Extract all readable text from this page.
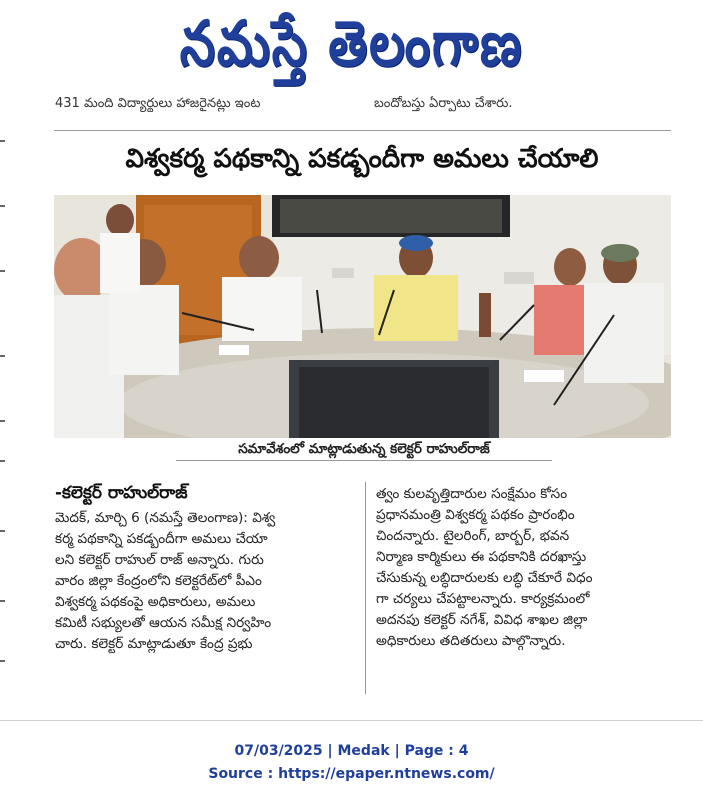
నమస్తే తెలంగాణ
431 మంది విద్యార్థులు హాజరైనట్లు ఇంట	బందోబస్తు ఏర్పాటు చేశారు.
విశ్వకర్మ పథకాన్ని పకడ్బందీగా అమలు చేయాలి
సమావేశంలో మాట్లాడుతున్న కలెక్టర్ రాహుల్‌రాజ్
-కలెక్టర్ రాహుల్‌రాజ్
మెదక్, మార్చి 6 (నమస్తే తెలంగాణ): విశ్వ
కర్మ పథకాన్ని పకడ్బందీగా అమలు చేయా
లని కలెక్టర్ రాహుల్ రాజ్ అన్నారు. గురు
వారం జిల్లా కేంద్రంలోని కలెక్టరేట్‌లో పీఎం
విశ్వకర్మ పథకంపై అధికారులు, అమలు
కమిటీ సభ్యులతో ఆయన సమీక్ష నిర్వహిం
చారు. కలెక్టర్ మాట్లాడుతూ కేంద్ర ప్రభు
త్వం కులవృత్తిదారుల సంక్షేమం కోసం
ప్రధానమంత్రి విశ్వకర్మ పథకం ప్రారంభిం
చిందన్నారు. టైలరింగ్, బార్బర్, భవన
నిర్మాణ కార్మికులు ఈ పథకానికి దరఖాస్తు
చేసుకున్న లబ్ధిదారులకు లబ్ధి చేకూరే విధం
గా చర్యలు చేపట్టాలన్నారు. కార్యక్రమంలో
అదనపు కలెక్టర్ నగేశ్, వివిధ శాఖల జిల్లా
అధికారులు తదితరులు పాల్గొన్నారు.
07/03/2025 | Medak | Page : 4
Source : https://epaper.ntnews.com/
